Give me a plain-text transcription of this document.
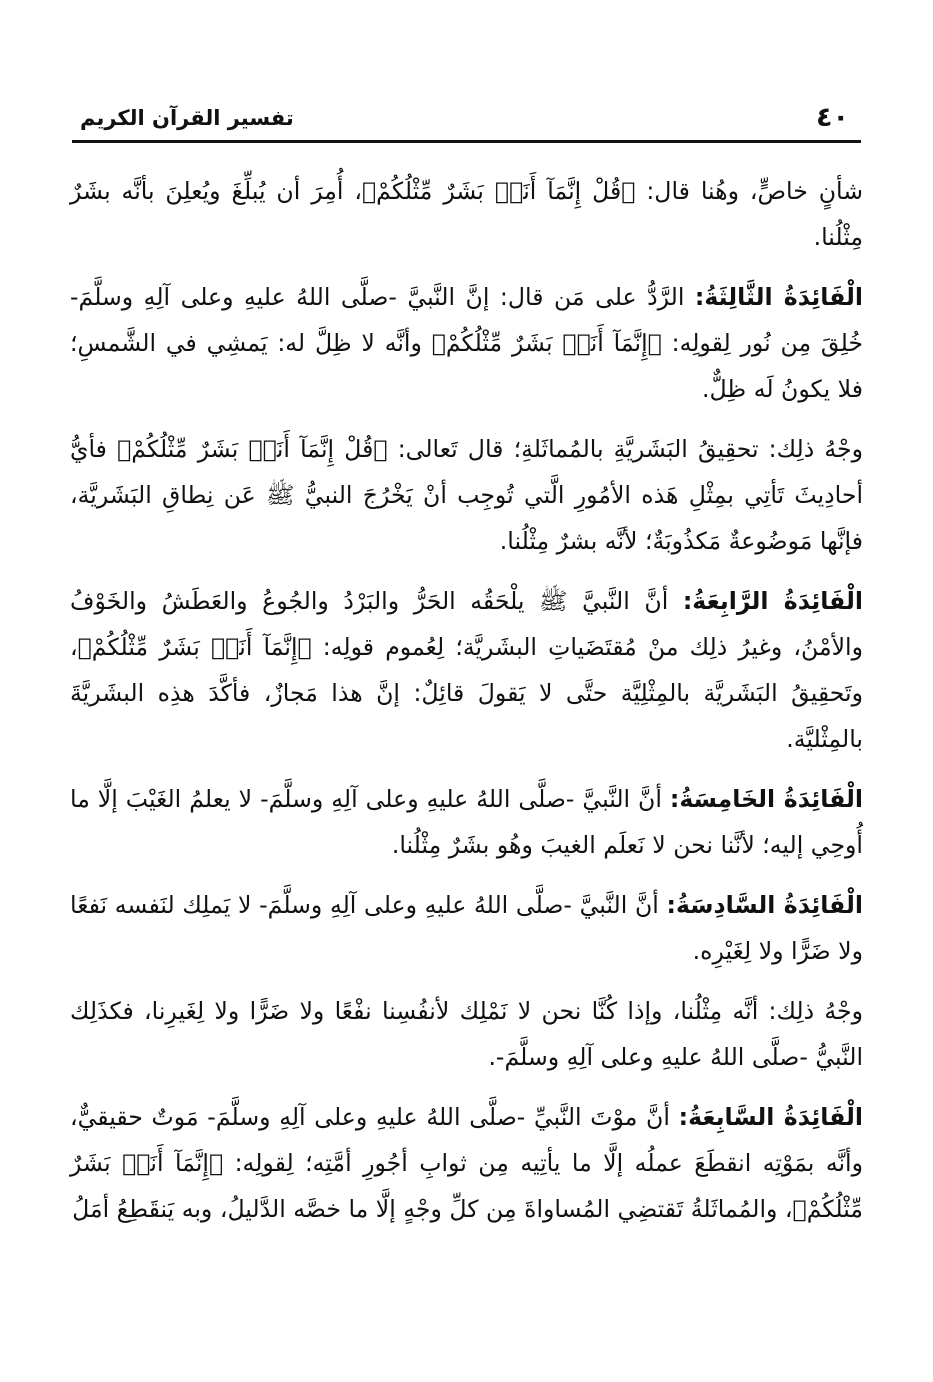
٤٠
تفسير القرآن الكريم

شأنٍ خاصٍّ، وهُنا قال: ﴿قُلْ إِنَّمَآ أَنَا۠ بَشَرٌ مِّثْلُكُمْ﴾، أُمِرَ أن يُبلِّغَ ويُعلِنَ بأنَّه بشَرٌ مِثْلُنا.

الْفَائِدَةُ الثَّالِثَةُ: الرَّدُّ على مَن قال: إنَّ النَّبيَّ -صلَّى اللهُ عليهِ وعلى آلِهِ وسلَّمَ- خُلِقَ مِن نُور لِقولِه: ﴿إِنَّمَآ أَنَا۠ بَشَرٌ مِّثْلُكُمْ﴾ وأنَّه لا ظِلَّ له: يَمشِي في الشَّمسِ؛ فلا يكونُ لَه ظِلٌّ.

وجْهُ ذلِك: تحقِيقُ البَشَريَّةِ بالمُماثَلةِ؛ قال تَعالى: ﴿قُلْ إِنَّمَآ أَنَا۠ بَشَرٌ مِّثْلُكُمْ﴾ فأيُّ أحادِيثَ تَأتِي بمِثْلِ هَذه الأمُورِ الَّتي تُوجِب أنْ يَخْرُجَ النبيُّ ﷺ عَن نِطاقِ البَشَريَّة، فإنَّها مَوضُوعةٌ مَكذُوبَةٌ؛ لأنَّه بشرٌ مِثْلُنا.

الْفَائِدَةُ الرَّابِعَةُ: أنَّ النَّبيَّ ﷺ يلْحَقُه الحَرُّ والبَرْدُ والجُوعُ والعَطَشُ والخَوْفُ والأمْنُ، وغيرُ ذلِك منْ مُقتَضَياتِ البشَريَّة؛ لِعُموم قولِه: ﴿إِنَّمَآ أَنَا۠ بَشَرٌ مِّثْلُكُمْ﴾، وتَحقِيقُ البَشَريَّة بالمِثْلِيَّة حتَّى لا يَقولَ قائِلٌ: إنَّ هذا مَجازٌ، فأكَّدَ هذِه البشَريَّةَ بالمِثْليَّة.

الْفَائِدَةُ الخَامِسَةُ: أنَّ النَّبيَّ -صلَّى اللهُ عليهِ وعلى آلِهِ وسلَّمَ- لا يعلمُ الغَيْبَ إلَّا ما أُوحِي إليه؛ لأنَّنا نحن لا نَعلَم الغيبَ وهُو بشَرٌ مِثْلُنا.

الْفَائِدَةُ السَّادِسَةُ: أنَّ النَّبيَّ -صلَّى اللهُ عليهِ وعلى آلِهِ وسلَّمَ- لا يَملِك لنَفسه نَفعًا ولا ضَرًّا ولا لِغَيْرِه.

وجْهُ ذلِك: أنَّه مِثْلُنا، وإذا كُنَّا نحن لا نَمْلِك لأنفُسِنا نفْعًا ولا ضَرًّا ولا لِغَيرِنا، فكذَلِك النَّبيُّ -صلَّى اللهُ عليهِ وعلى آلِهِ وسلَّمَ-.

الْفَائِدَةُ السَّابِعَةُ: أنَّ موْتَ النَّبيِّ -صلَّى اللهُ عليهِ وعلى آلِهِ وسلَّمَ- مَوتٌ حقيقيٌّ، وأنَّه بمَوْتِه انقطَعَ عملُه إلَّا ما يأتِيه مِن ثوابِ أجُورِ أمَّتِه؛ لِقولِه: ﴿إِنَّمَآ أَنَا۠ بَشَرٌ مِّثْلُكُمْ﴾، والمُماثَلةُ تَقتضِي المُساواةَ مِن كلِّ وجْهٍ إلَّا ما خصَّه الدَّليلُ، وبه يَنقَطِعُ أمَلُ
